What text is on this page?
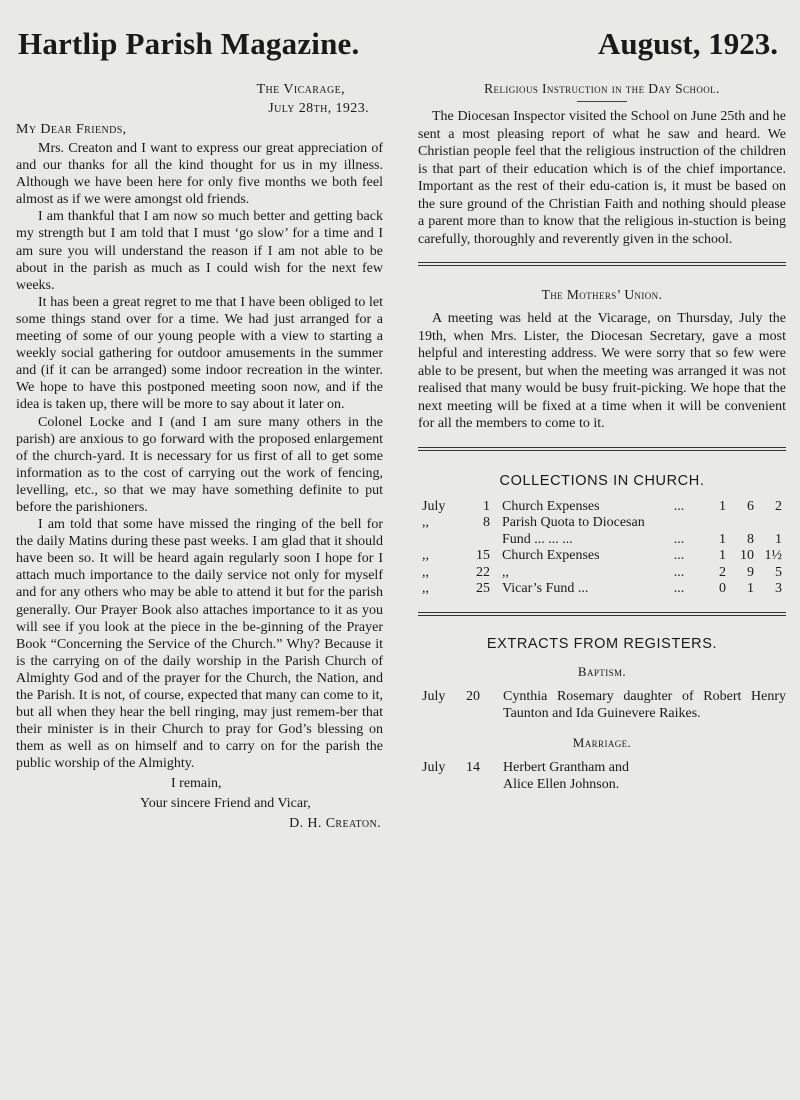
Hartlip Parish Magazine.	August, 1923.
The Vicarage,
July 28th, 1923.
My Dear Friends,

Mrs. Creaton and I want to express our great appreciation of and our thanks for all the kind thought for us in my illness. Although we have been here for only five months we both feel almost as if we were amongst old friends.

I am thankful that I am now so much better and getting back my strength but I am told that I must ‘go slow’ for a time and I am sure you will understand the reason if I am not able to be about in the parish as much as I could wish for the next few weeks.

It has been a great regret to me that I have been obliged to let some things stand over for a time. We had just arranged for a meeting of some of our young people with a view to starting a weekly social gathering for outdoor amusements in the summer and (if it can be arranged) some indoor recreation in the winter. We hope to have this postponed meeting soon now, and if the idea is taken up, there will be more to say about it later on.

Colonel Locke and I (and I am sure many others in the parish) are anxious to go forward with the proposed enlargement of the church-yard. It is necessary for us first of all to get some information as to the cost of carrying out the work of fencing, levelling, etc., so that we may have something definite to put before the parishioners.

I am told that some have missed the ringing of the bell for the daily Matins during these past weeks. I am glad that it should have been so. It will be heard again regularly soon I hope for I attach much importance to the daily service not only for myself and for any others who may be able to attend it but for the parish generally. Our Prayer Book also attaches importance to it as you will see if you look at the piece in the be-ginning of the Prayer Book “Concerning the Service of the Church.” Why? Because it is the carrying on of the daily worship in the Parish Church of Almighty God and of the prayer for the Church, the Nation, and the Parish. It is not, of course, expected that many can come to it, but all when they hear the bell ringing, may just remem-ber that their minister is in their Church to pray for God’s blessing on them as well as on himself and to carry on for the parish the public worship of the Almighty.

I remain,
Your sincere Friend and Vicar,
D. H. Creaton.
Religious Instruction in the Day School.

The Diocesan Inspector visited the School on June 25th and he sent a most pleasing report of what he saw and heard. We Christian people feel that the religious instruction of the children is that part of their education which is of the chief importance. Important as the rest of their edu-cation is, it must be based on the sure ground of the Christian Faith and nothing should please a parent more than to know that the religious in-stuction is being carefully, thoroughly and reverently given in the school.

The Mothers’ Union.

A meeting was held at the Vicarage, on Thursday, July the 19th, when Mrs. Lister, the Diocesan Secretary, gave a most helpful and interesting address. We were sorry that so few were able to be present, but when the meeting was arranged it was not realised that many would be busy fruit-picking. We hope that the next meeting will be fixed at a time when it will be convenient for all the members to come to it.

COLLECTIONS IN CHURCH.
July	1	Church Expenses	...	1	6	2
,,	8	Parish Quota to Diocesan				
		Fund ... ... ...	...	1	8	1
,,	15	Church Expenses	...	1	10	1½
,,	22	,,	...	2	9	5
,,	25	Vicar’s Fund ...	...	0	1	3
EXTRACTS FROM REGISTERS.
Baptism.
July 20 Cynthia Rosemary daughter of Robert Henry Taunton and Ida Guinevere Raikes.
Marriage.
July 14 Herbert Grantham and
Alice Ellen Johnson.
